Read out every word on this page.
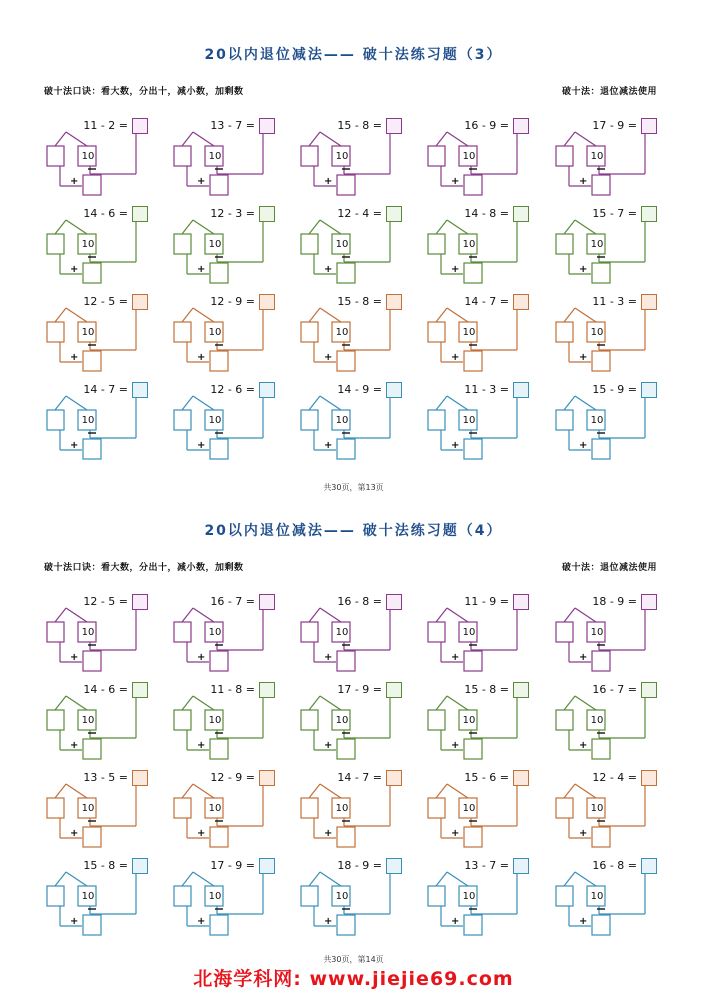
20以内退位减法—— 破十法练习题（3）
破十法口诀：看大数，分出十，减小数，加剩数	破十法：退位减法使用
11 - 2 =
10
+
13 - 7 =
10
+
15 - 8 =
10
+
16 - 9 =
10
+
17 - 9 =
10
+
14 - 6 =
10
+
12 - 3 =
10
+
12 - 4 =
10
+
14 - 8 =
10
+
15 - 7 =
10
+
12 - 5 =
10
+
12 - 9 =
10
+
15 - 8 =
10
+
14 - 7 =
10
+
11 - 3 =
10
+
14 - 7 =
10
+
12 - 6 =
10
+
14 - 9 =
10
+
11 - 3 =
10
+
15 - 9 =
10
+
共30页，第13页
20以内退位减法—— 破十法练习题（4）
破十法口诀：看大数，分出十，减小数，加剩数	破十法：退位减法使用
12 - 5 =
10
+
16 - 7 =
10
+
16 - 8 =
10
+
11 - 9 =
10
+
18 - 9 =
10
+
14 - 6 =
10
+
11 - 8 =
10
+
17 - 9 =
10
+
15 - 8 =
10
+
16 - 7 =
10
+
13 - 5 =
10
+
12 - 9 =
10
+
14 - 7 =
10
+
15 - 6 =
10
+
12 - 4 =
10
+
15 - 8 =
10
+
17 - 9 =
10
+
18 - 9 =
10
+
13 - 7 =
10
+
16 - 8 =
10
+
共30页，第14页
北海学科网: www.jiejie69.com
